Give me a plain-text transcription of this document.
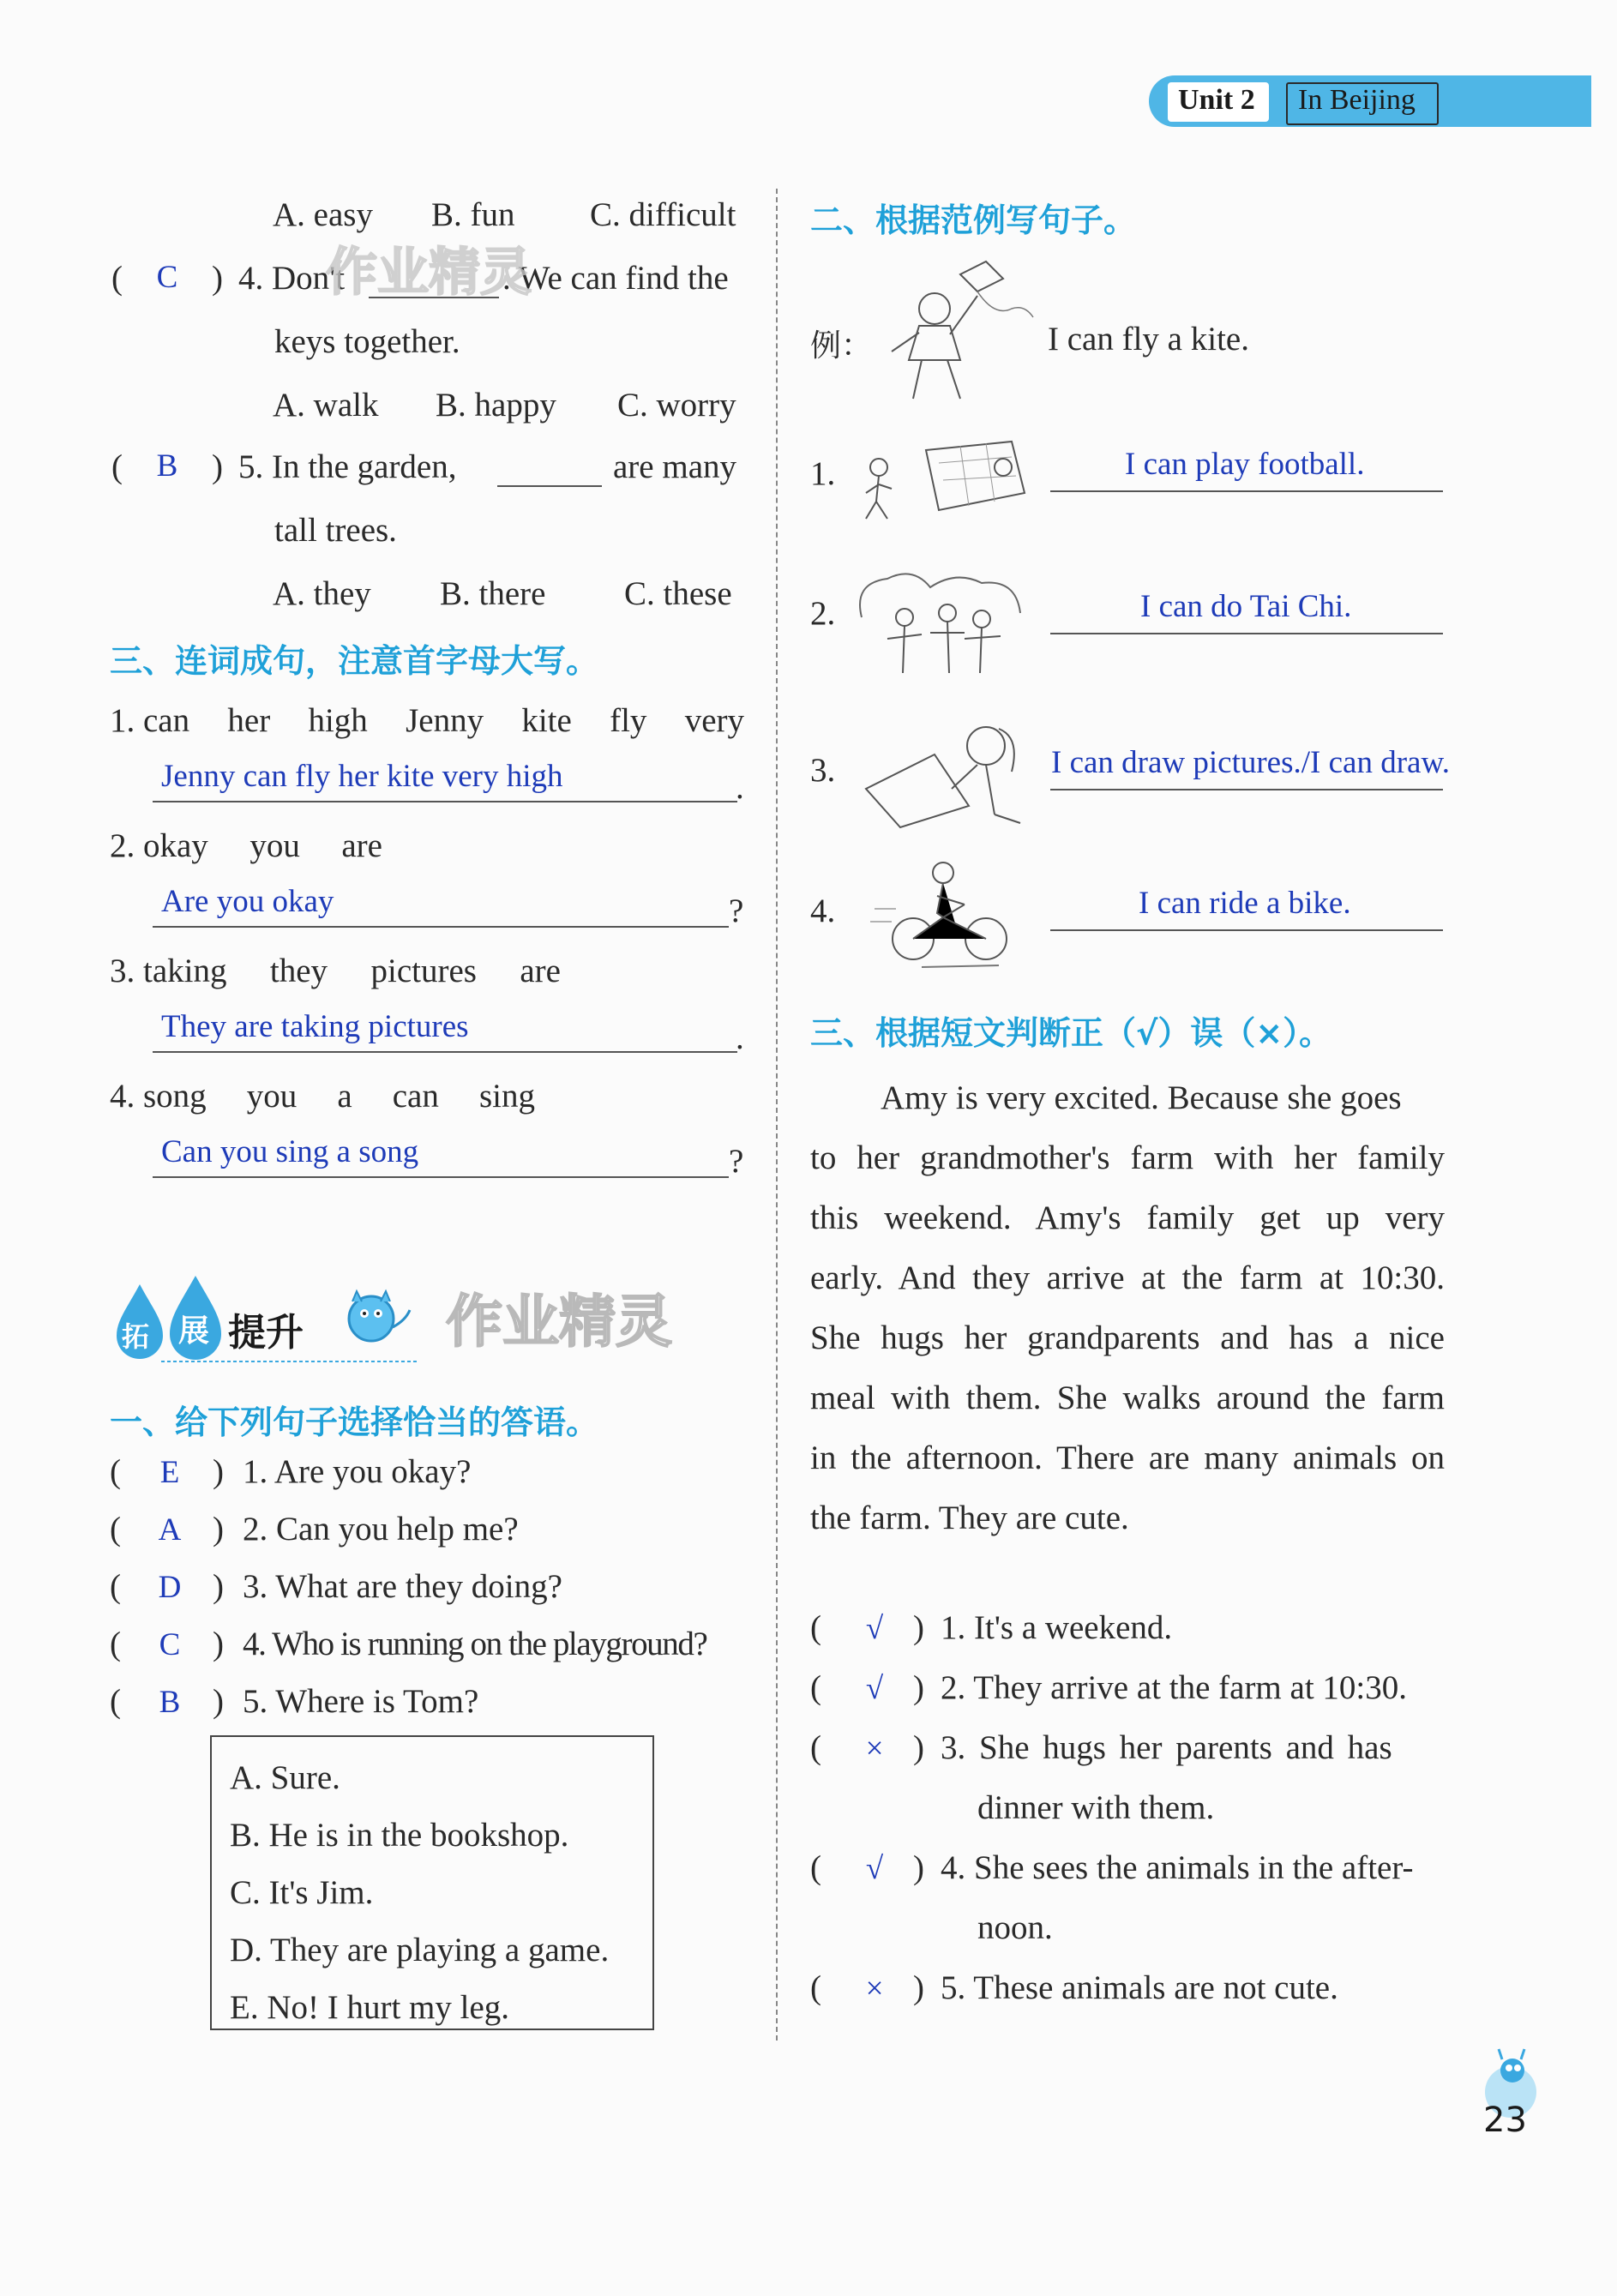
Unit 2 In Beijing
A. easy B. fun C. difficult
(	C	) 4. Don't	. We can find the
keys together.
A. walk B. happy C. worry
(	B	) 5. In the garden,	are many
tall trees.
A. they B. there C. these
三、连词成句，注意首字母大写。
1. can her high Jenny kite fly very
Jenny can fly her kite very high	.
2. okay you are
Are you okay	?
3. taking they pictures are
They are taking pictures	.
4. song you a can sing
Can you sing a song	?
拓 展 提升	作业精灵
作业精灵
一、给下列句子选择恰当的答语。
(	E ) 1. Are you okay?
(	A ) 2. Can you help me?
(	D ) 3. What are they doing?
(	C ) 4. Who is running on the playground?
(	B ) 5. Where is Tom?
A. Sure.
B. He is in the bookshop.
C. It's Jim.
D. They are playing a game.
E. No! I hurt my leg.
二、根据范例写句子。
例：	I can fly a kite.
1.	I can play football.
2.	I can do Tai Chi.
3.	I can draw pictures./I can draw.
4.	I can ride a bike.
三、根据短文判断正（√）误（×）。
Amy is very excited. Because she goes
to her grandmother's farm with her family
this weekend. Amy's family get up very
early. And they arrive at the farm at 10:30.
She hugs her grandparents and has a nice
meal with them. She walks around the farm
in the afternoon. There are many animals on
the farm. They are cute.
(	√ ) 1. It's a weekend.
(	√ ) 2. They arrive at the farm at 10:30.
(	× ) 3. She hugs her parents and has
dinner with them.
(	√ ) 4. She sees the animals in the after-
noon.
(	× ) 5. These animals are not cute.
23
